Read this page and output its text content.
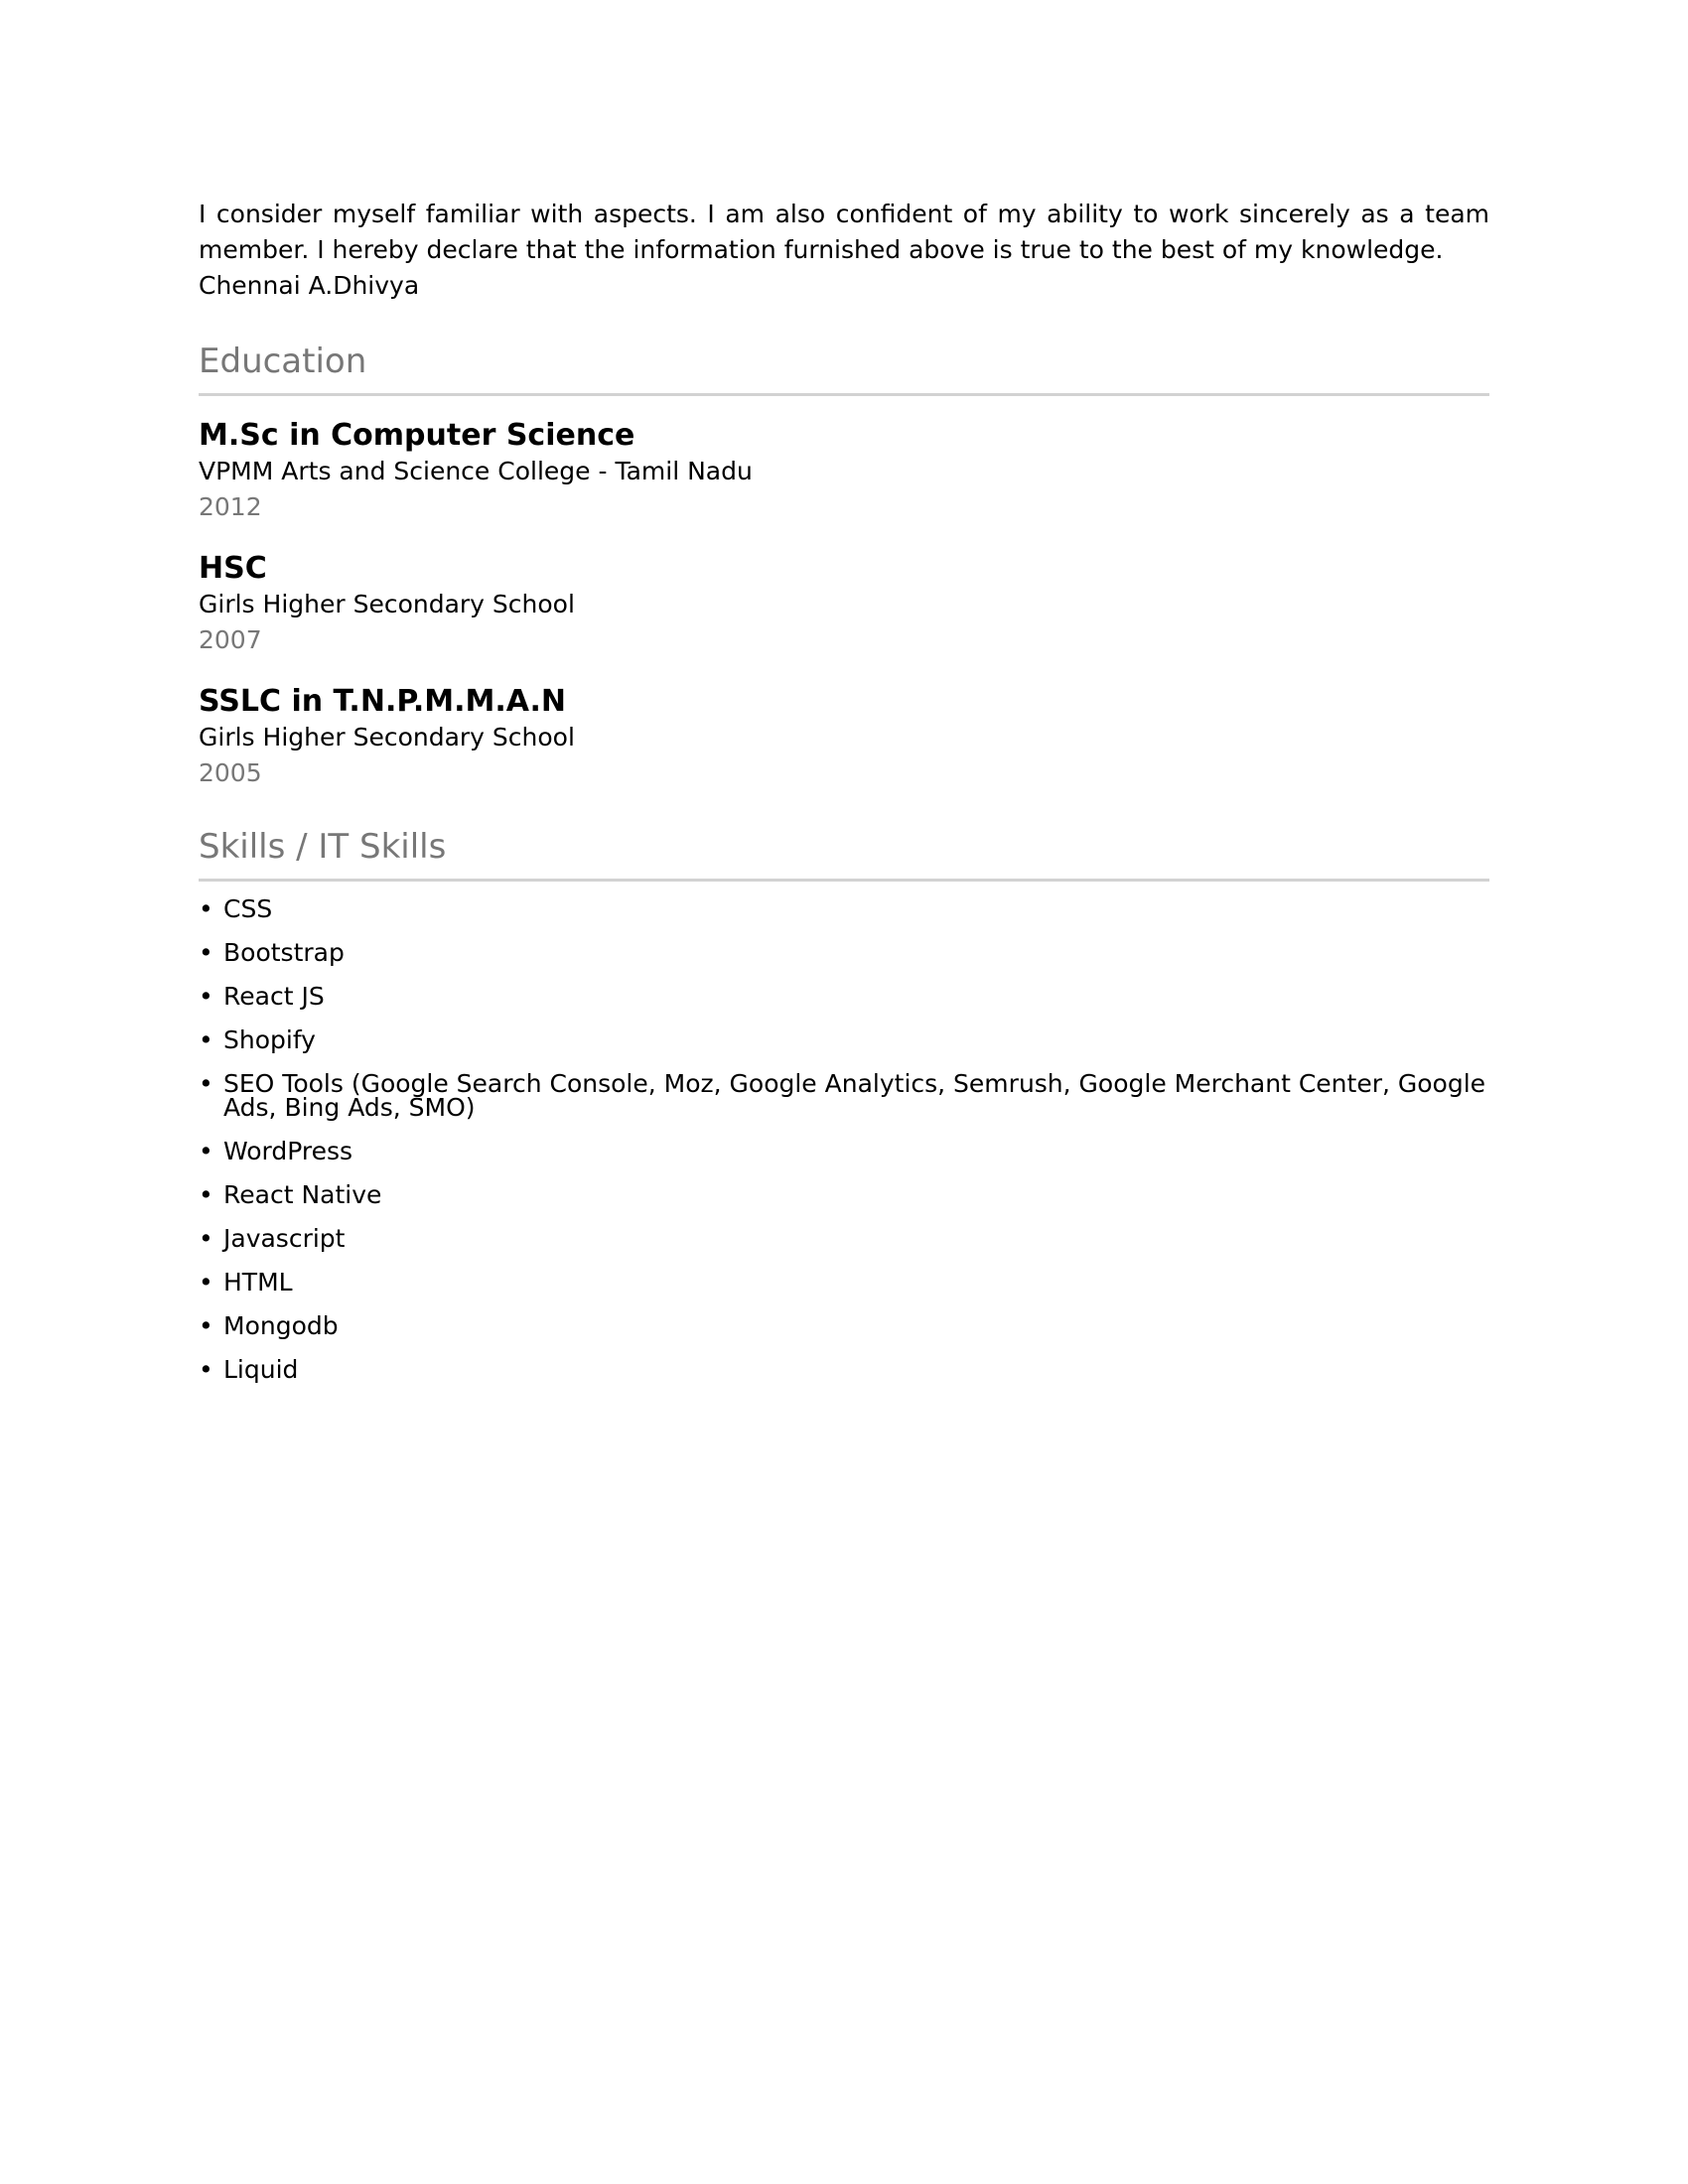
I consider myself familiar with aspects. I am also confident of my ability to work sincerely as a team member. I hereby declare that the information furnished above is true to the best of my knowledge.

Chennai A.Dhivya

Education

M.Sc in Computer Science

VPMM Arts and Science College - Tamil Nadu

2012

HSC

Girls Higher Secondary School

2007

SSLC in T.N.P.M.M.A.N

Girls Higher Secondary School

2005

Skills / IT Skills
• CSS
• Bootstrap
• React JS
• Shopify
• SEO Tools (Google Search Console, Moz, Google Analytics, Semrush, Google Merchant Center, Google Ads, Bing Ads, SMO)
• WordPress
• React Native
• Javascript
• HTML
• Mongodb
• Liquid
